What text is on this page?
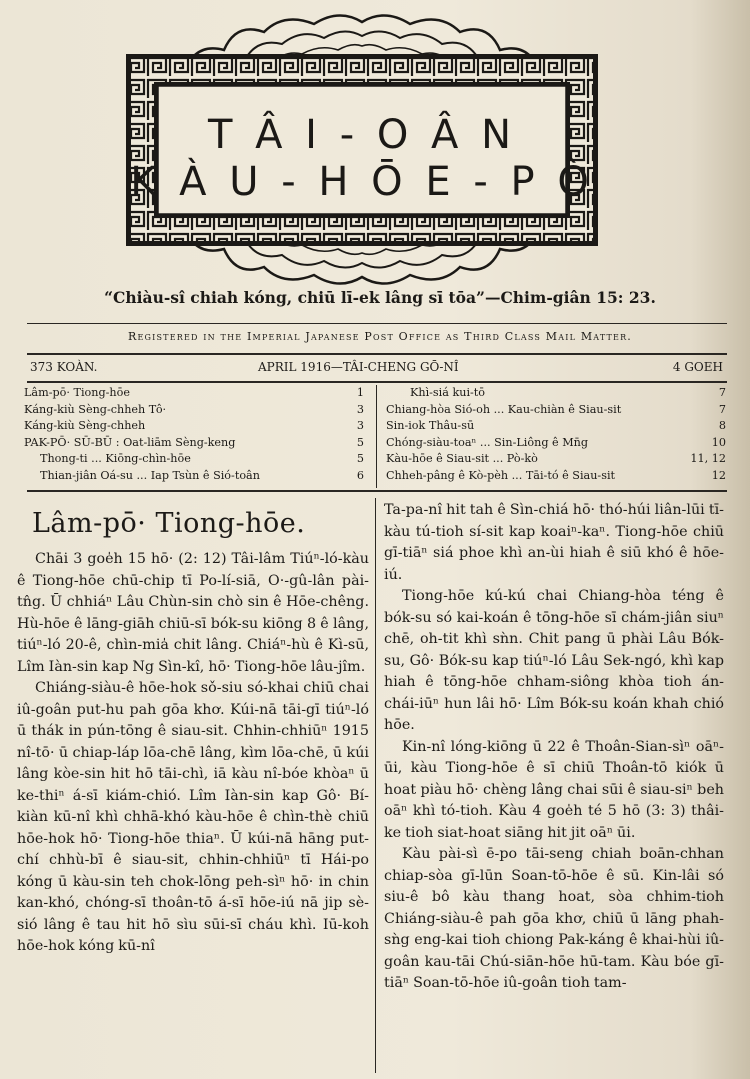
T Â I - O Â N
K À U - H Ō E - P Ò
“Chiàu-sî chiah kóng, chiū lī-ek lâng sī tōa”—Chim-giân 15: 23.
Registered in the Imperial Japanese Post Office as Third Class Mail Matter.
373 KOÀN.	APRIL 1916—TÂI-CHENG GŌ-NÎ	4 GOEH
Lâm-pō· Tiong-hōe	1
Káng-kiù Sèng-chheh Tô·	3
Káng-kiù Sèng-chheh	3
PAK-PŌ· SŪ-BŪ : Oat-liām Sèng-keng	5
Thong-ti ... Kiōng-chìn-hōe	5
Thian-jiân Oá-su ... Iap Tsùn ê Sió-toân	6
Khì-siá kui-tō	7
Chiang-hòa Sió-oh ... Kau-chiàn ê Siau-sit	7
Sin-iok Thâu-sū	8
Chóng-siàu-toaⁿ ... Sin-Liông ê Mn̄g	10
Kàu-hōe ê Siau-sit ... Pò-kò	11, 12
Chheh-pâng ê Kò-pèh ... Tāi-tó ê Siau-sit	12
Lâm-pō· Tiong-hōe.

Chāi 3 goe̍h 15 hō· (2: 12) Tâi-lâm Tiúⁿ-ló-kàu ê Tiong-hōe chū-chip tī Po-lí-siā, O·-gû-lân pài-tn̂g. Ū chhiáⁿ Lâu Chùn-sin chò sin ê Hōe-chêng. Hù-hōe ê lāng-giāh chiū-sī bók-su kiōng 8 ê lâng, tiúⁿ-ló 20-ê, chìn-mia̍ chit lâng. Chiáⁿ-hù ê Kì-sū, Lîm Iàn-sin kap Ng Sìn-kî, hō· Tiong-hōe lâu-jîm.

Chiáng-siàu-ê hōe-hok sǒ-siu só-khai chiū chai iû-goân put-hu pah gōa khơ. Kúi-nā tāi-gī tiúⁿ-ló ū thák in pún-tōng ê siau-sit. Chhin-chhiūⁿ 1915 nî-tō· ū chiap-láp lōa-chē lâng, kìm lōa-chē, ū kúi lâng kòe-sin hit hō tāi-chì, iā kàu nî-bóe khòaⁿ ū ke-thiⁿ á-sī kiám-chió. Lîm Iàn-sin kap Gô· Bí-kiàn kū-nî khì chhā-khó kàu-hōe ê chìn-thè chiū hōe-hok hō· Tiong-hōe thiaⁿ. Ū kúi-nā hāng put-chí chhù-bī ê siau-sit, chhin-chhiūⁿ tī Hái-po kóng ū kàu-sin teh chok-lōng peh-sìⁿ hō· in chin kan-khó, chóng-sī thoân-tō á-sī hōe-iú nā jip sè-sió lâng ê tau hit hō sìu sūi-sī cháu khì. Iū-koh hōe-hok kóng kū-nî

Ta-pa-nî hit tah ê Sìn-chiá hō· thó-húi liân-lūi tī-kàu tú-tioh sí-sit kap koaiⁿ-kaⁿ. Tiong-hōe chiū gī-tiāⁿ siá phoe khì an-ùi hiah ê siū khó ê hōe-iú.

Tiong-hōe kú-kú chai Chiang-hòa téng ê bók-su só kai-koán ê tōng-hōe sī chám-jiân siuⁿ chē, oh-tit khì sǹn. Chit pang ū phài Lâu Bók-su, Gô· Bók-su kap tiúⁿ-ló Lâu Sek-ngó, khì kap hiah ê tōng-hōe chham-siông khòa tioh án-chái-iūⁿ hun lâi hō· Lîm Bók-su koán khah chió hōe.

Kin-nî lóng-kiōng ū 22 ê Thoân-Sian-sìⁿ oāⁿ-ūi, kàu Tiong-hōe ê sī chiū Thoân-tō kiók ū hoat piàu hō· chèng lâng chai sūi ê siau-siⁿ beh oāⁿ khì tó-tioh. Kàu 4 goe̍h té 5 hō (3: 3) thâi-ke tioh siat-hoat siāng hit jit oāⁿ ūi.

Kàu pài-sì ē-po tāi-seng chiah boān-chhan chiap-sòa gī-lūn Soan-tō-hōe ê sū. Kin-lâi só siu-ê bô kàu thang hoat, sòa chhim-tioh Chiáng-siàu-ê pah gōa khơ, chiū ū lāng phah-sǹg eng-kai tioh chiong Pak-káng ê khai-hùi iû-goân kau-tāi Chú-siān-hōe hū-tam. Kàu bóe gī-tiāⁿ Soan-tō-hōe iû-goân tioh tam-
